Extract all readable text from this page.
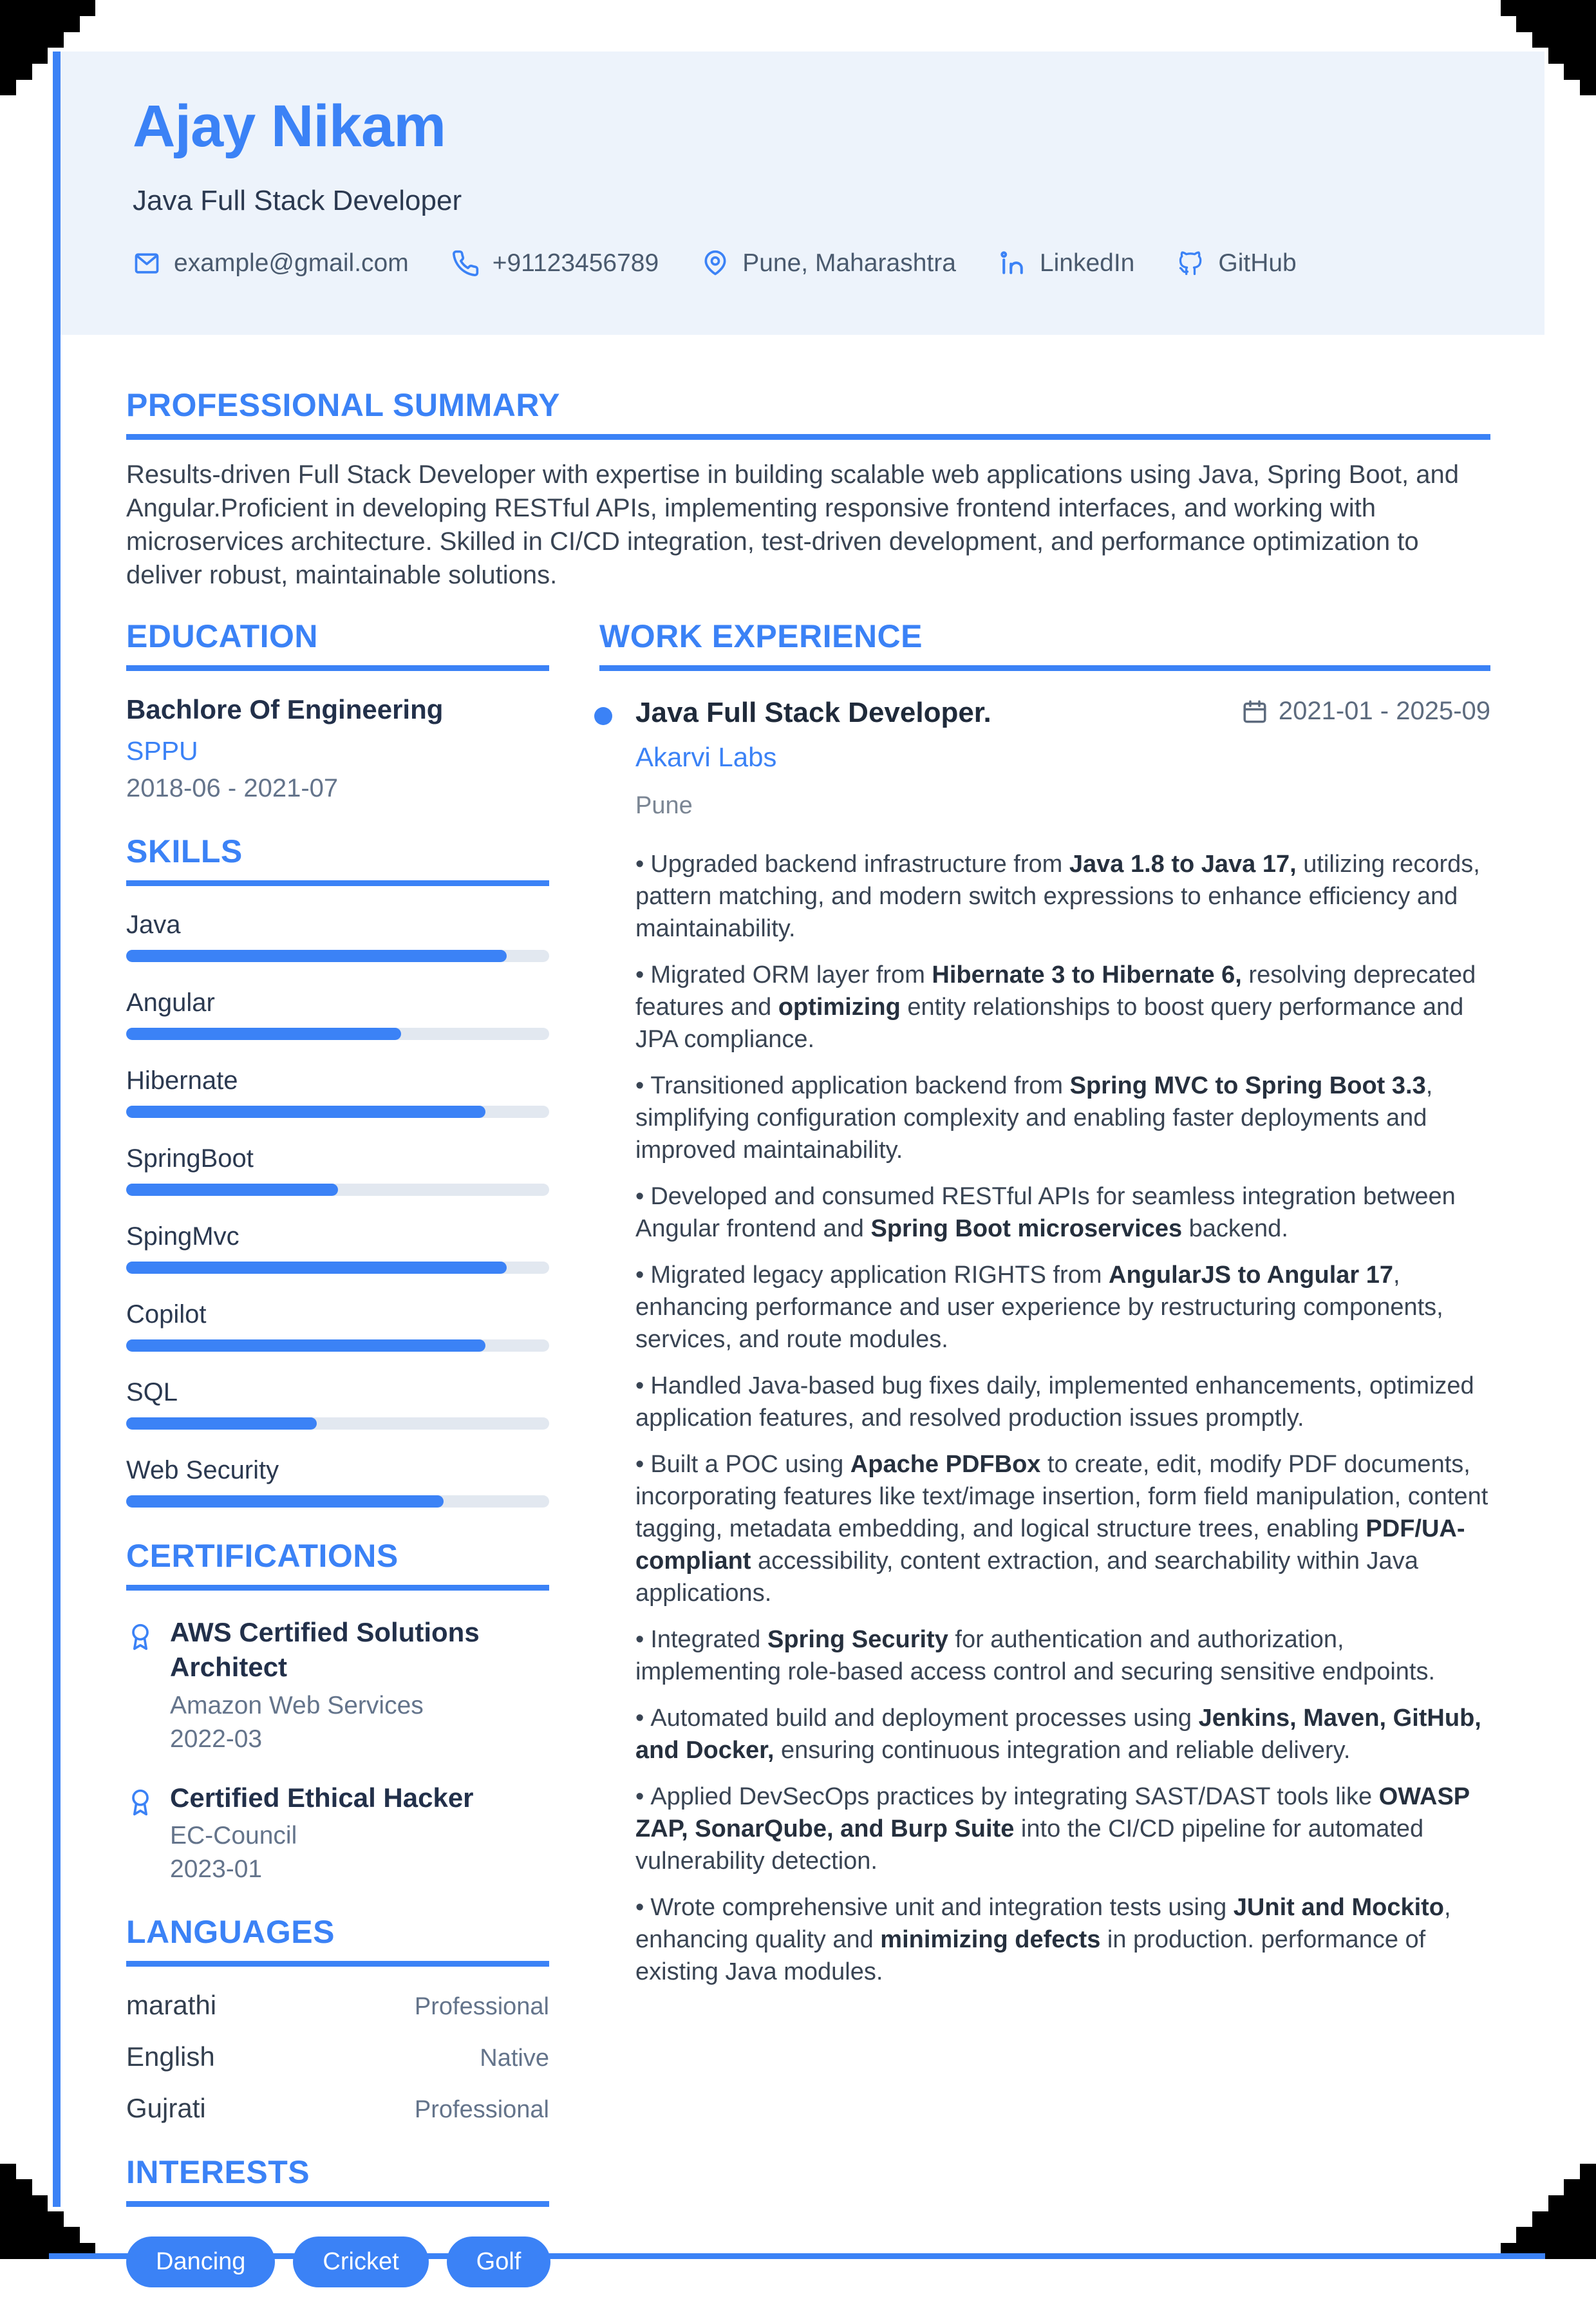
Ajay Nikam
Java Full Stack Developer
example@gmail.com	+91123456789	Pune, Maharashtra	LinkedIn	GitHub
PROFESSIONAL SUMMARY
Results-driven Full Stack Developer with expertise in building scalable web applications using Java, Spring Boot, and Angular.Proficient in developing RESTful APIs, implementing responsive frontend interfaces, and working with microservices architecture. Skilled in CI/CD integration, test-driven development, and performance optimization to deliver robust, maintainable solutions.
EDUCATION
Bachlore Of Engineering
SPPU
2018-06 - 2021-07
SKILLS
Java
Angular
Hibernate
SpringBoot
SpingMvc
Copilot
SQL
Web Security
CERTIFICATIONS
AWS Certified Solutions Architect
Amazon Web Services
2022-03
Certified Ethical Hacker
EC-Council
2023-01
LANGUAGES
marathi	Professional
English	Native
Gujrati	Professional
INTERESTS
Dancing	Cricket	Golf
WORK EXPERIENCE
Java Full Stack Developer.	2021-01 - 2025-09
Akarvi Labs
Pune
• Upgraded backend infrastructure from Java 1.8 to Java 17, utilizing records, pattern matching, and modern switch expressions to enhance efficiency and maintainability.
• Migrated ORM layer from Hibernate 3 to Hibernate 6, resolving deprecated features and optimizing entity relationships to boost query performance and JPA compliance.
• Transitioned application backend from Spring MVC to Spring Boot 3.3, simplifying configuration complexity and enabling faster deployments and improved maintainability.
• Developed and consumed RESTful APIs for seamless integration between Angular frontend and Spring Boot microservices backend.
• Migrated legacy application RIGHTS from AngularJS to Angular 17, enhancing performance and user experience by restructuring components, services, and route modules.
• Handled Java-based bug fixes daily, implemented enhancements, optimized application features, and resolved production issues promptly.
• Built a POC using Apache PDFBox to create, edit, modify PDF documents, incorporating features like text/image insertion, form field manipulation, content tagging, metadata embedding, and logical structure trees, enabling PDF/UA-compliant accessibility, content extraction, and searchability within Java applications.
• Integrated Spring Security for authentication and authorization, implementing role-based access control and securing sensitive endpoints.
• Automated build and deployment processes using Jenkins, Maven, GitHub, and Docker, ensuring continuous integration and reliable delivery.
• Applied DevSecOps practices by integrating SAST/DAST tools like OWASP ZAP, SonarQube, and Burp Suite into the CI/CD pipeline for automated vulnerability detection.
• Wrote comprehensive unit and integration tests using JUnit and Mockito, enhancing quality and minimizing defects in production. performance of existing Java modules.
